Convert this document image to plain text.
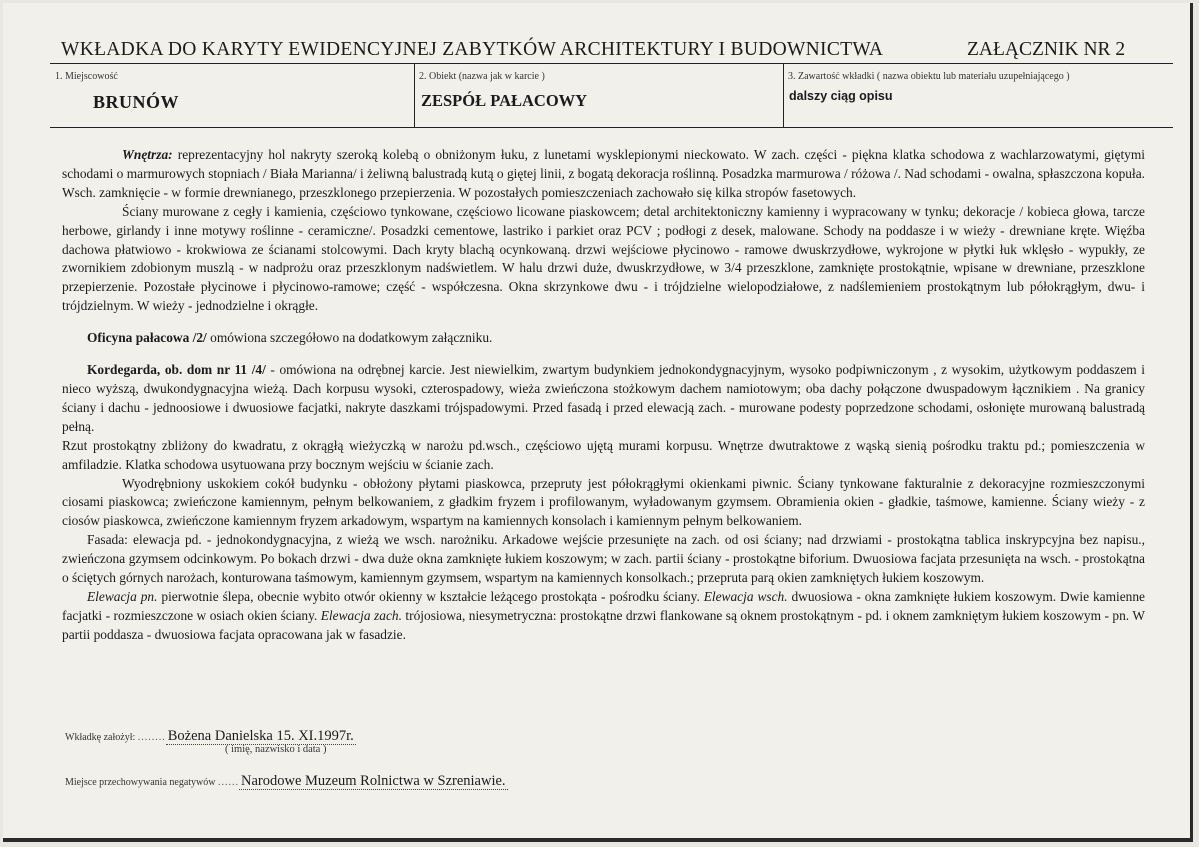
WKŁADKA DO KARYTY EWIDENCYJNEJ ZABYTKÓW ARCHITEKTURY I BUDOWNICTWA	ZAŁĄCZNIK NR 2
1. Miejscowość
BRUNÓW
2. Obiekt (nazwa jak w karcie )
ZESPÓŁ PAŁACOWY
3. Zawartość wkładki ( nazwa obiektu lub materiału uzupełniającego )
dalszy ciąg opisu

Wnętrza: reprezentacyjny hol nakryty szeroką kolebą o obniżonym łuku, z lunetami wysklepionymi nieckowato. W zach. części - piękna klatka schodowa z wachlarzowatymi, giętymi schodami o marmurowych stopniach / Biała Marianna/ i żeliwną balustradą kutą o giętej linii, z bogatą dekoracja roślinną. Posadzka marmurowa / różowa /. Nad schodami - owalna, spłaszczona kopuła. Wsch. zamknięcie - w formie drewnianego, przeszklonego przepierzenia. W pozostałych pomieszczeniach zachowało się kilka stropów fasetowych.

Ściany murowane z cegły i kamienia, częściowo tynkowane, częściowo licowane piaskowcem; detal architektoniczny kamienny i wypracowany w tynku; dekoracje / kobieca głowa, tarcze herbowe, girlandy i inne motywy roślinne - ceramiczne/. Posadzki cementowe, lastriko i parkiet oraz PCV ; podłogi z desek, malowane. Schody na poddasze i w wieży - drewniane kręte. Więźba dachowa płatwiowo - krokwiowa ze ścianami stolcowymi. Dach kryty blachą ocynkowaną. drzwi wejściowe płycinowo - ramowe dwuskrzydłowe, wykrojone w płytki łuk wklęsło - wypukły, ze zwornikiem zdobionym muszlą - w nadprożu oraz przeszklonym nadświetlem. W halu drzwi duże, dwuskrzydłowe, w 3/4 przeszklone, zamknięte prostokątnie, wpisane w drewniane, przeszklone przepierzenie. Pozostałe płycinowe i płycinowo-ramowe; część - współczesna. Okna skrzynkowe dwu - i trójdzielne wielopodziałowe, z nadślemieniem prostokątnym lub półokrągłym, dwu- i trójdzielnym. W wieży - jednodzielne i okrągłe.

Oficyna pałacowa /2/ omówiona szczegółowo na dodatkowym załączniku.

Kordegarda, ob. dom nr 11 /4/ - omówiona na odrębnej karcie. Jest niewielkim, zwartym budynkiem jednokondygnacyjnym, wysoko podpiwniczonym , z wysokim, użytkowym poddaszem i nieco wyższą, dwukondygnacyjna wieżą. Dach korpusu wysoki, czterospadowy, wieża zwieńczona stożkowym dachem namiotowym; oba dachy połączone dwuspadowym łącznikiem . Na granicy ściany i dachu - jednoosiowe i dwuosiowe facjatki, nakryte daszkami trójspadowymi. Przed fasadą i przed elewacją zach. - murowane podesty poprzedzone schodami, osłonięte murowaną balustradą pełną.

Rzut prostokątny zbliżony do kwadratu, z okrągłą wieżyczką w narożu pd.wsch., częściowo ujętą murami korpusu. Wnętrze dwutraktowe z wąską sienią pośrodku traktu pd.; pomieszczenia w amfiladzie. Klatka schodowa usytuowana przy bocznym wejściu w ścianie zach.

Wyodrębniony uskokiem cokół budynku - obłożony płytami piaskowca, przepruty jest półokrągłymi okienkami piwnic. Ściany tynkowane fakturalnie z dekoracyjne rozmieszczonymi ciosami piaskowca; zwieńczone kamiennym, pełnym belkowaniem, z gładkim fryzem i profilowanym, wyładowanym gzymsem. Obramienia okien - gładkie, taśmowe, kamienne. Ściany wieży - z ciosów piaskowca, zwieńczone kamiennym fryzem arkadowym, wspartym na kamiennych konsolach i kamiennym pełnym belkowaniem.

Fasada: elewacja pd. - jednokondygnacyjna, z wieżą we wsch. narożniku. Arkadowe wejście przesunięte na zach. od osi ściany; nad drzwiami - prostokątna tablica inskrypcyjna bez napisu., zwieńczona gzymsem odcinkowym. Po bokach drzwi - dwa duże okna zamknięte łukiem koszowym; w zach. partii ściany - prostokątne biforium. Dwuosiowa facjata przesunięta na wsch. - prostokątna o ściętych górnych narożach, konturowana taśmowym, kamiennym gzymsem, wspartym na kamiennych konsolkach.; przepruta parą okien zamkniętych łukiem koszowym.

Elewacja pn. pierwotnie ślepa, obecnie wybito otwór okienny w kształcie leżącego prostokąta - pośrodku ściany. Elewacja wsch. dwuosiowa - okna zamknięte łukiem koszowym. Dwie kamienne facjatki - rozmieszczone w osiach okien ściany. Elewacja zach. trójosiowa, niesymetryczna: prostokątne drzwi flankowane są oknem prostokątnym - pd. i oknem zamkniętym łukiem koszowym - pn. W partii poddasza - dwuosiowa facjata opracowana jak w fasadzie.

Wkładkę założył: ........ Bożena Danielska 15. XI.1997r.
( imię, nazwisko i data )
Miejsce przechowywania negatywów ...... Narodowe Muzeum Rolnictwa w Szreniawie.
